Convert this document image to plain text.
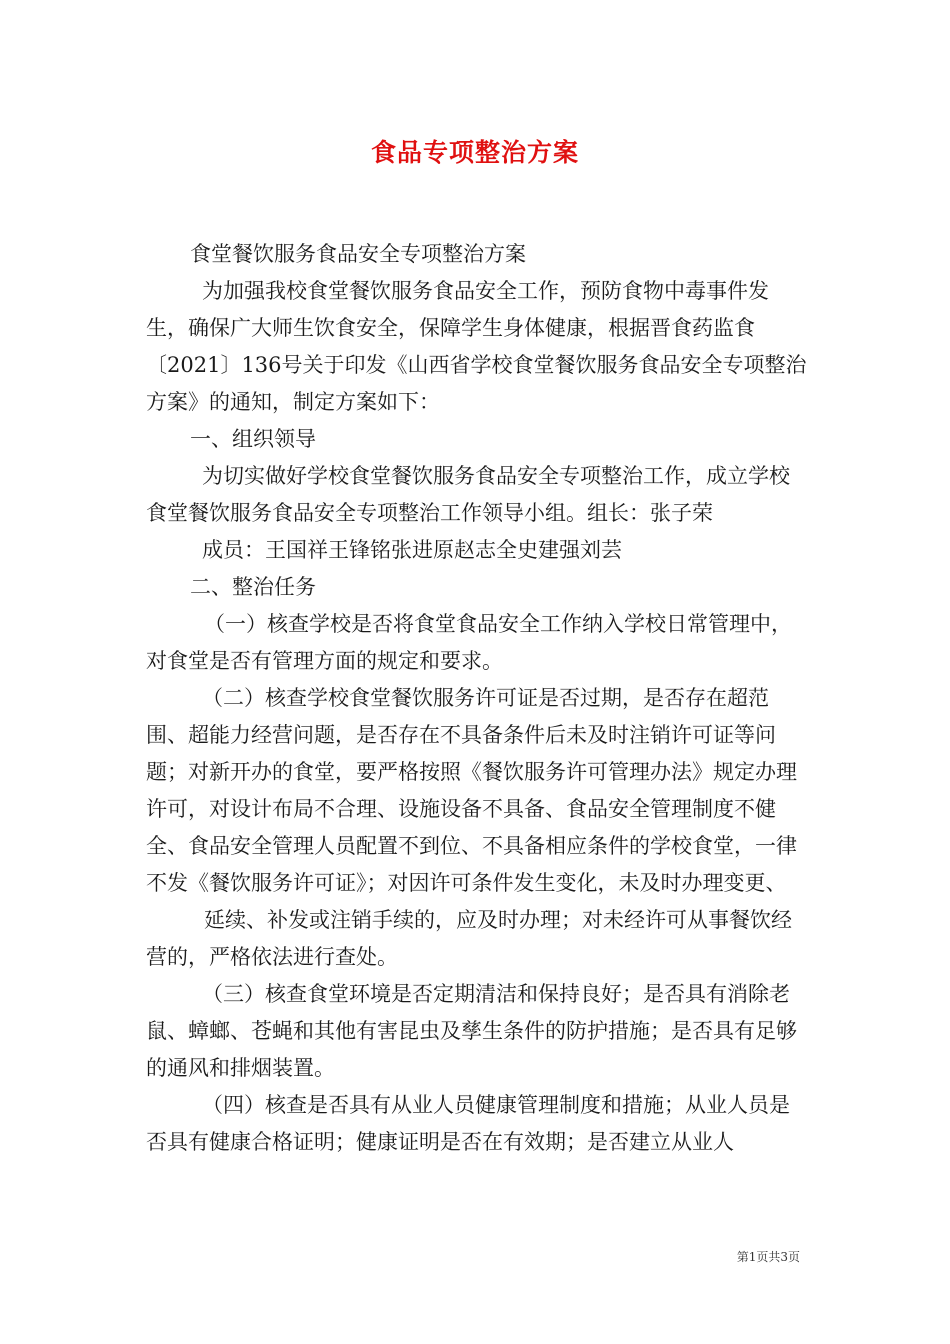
食品专项整治方案

食堂餐饮服务食品安全专项整治方案

为加强我校食堂餐饮服务食品安全工作，预防食物中毒事件发生，确保广大师生饮食安全，保障学生身体健康，根据晋食药监食〔2021〕136号关于印发《山西省学校食堂餐饮服务食品安全专项整治方案》的通知，制定方案如下：

一、组织领导

为切实做好学校食堂餐饮服务食品安全专项整治工作，成立学校食堂餐饮服务食品安全专项整治工作领导小组。组长：张子荣

成员：王国祥王锋铭张进原赵志全史建强刘芸

二、整治任务

（一）核查学校是否将食堂食品安全工作纳入学校日常管理中，对食堂是否有管理方面的规定和要求。

（二）核查学校食堂餐饮服务许可证是否过期，是否存在超范围、超能力经营问题，是否存在不具备条件后未及时注销许可证等问题；对新开办的食堂，要严格按照《餐饮服务许可管理办法》规定办理许可，对设计布局不合理、设施设备不具备、食品安全管理制度不健全、食品安全管理人员配置不到位、不具备相应条件的学校食堂，一律不发《餐饮服务许可证》；对因许可条件发生变化，未及时办理变更、

延续、补发或注销手续的，应及时办理；对未经许可从事餐饮经营的，严格依法进行查处。

（三）核查食堂环境是否定期清洁和保持良好；是否具有消除老鼠、蟑螂、苍蝇和其他有害昆虫及孳生条件的防护措施；是否具有足够的通风和排烟装置。

（四）核查是否具有从业人员健康管理制度和措施；从业人员是否具有健康合格证明；健康证明是否在有效期；是否建立从业人

第1页共3页
